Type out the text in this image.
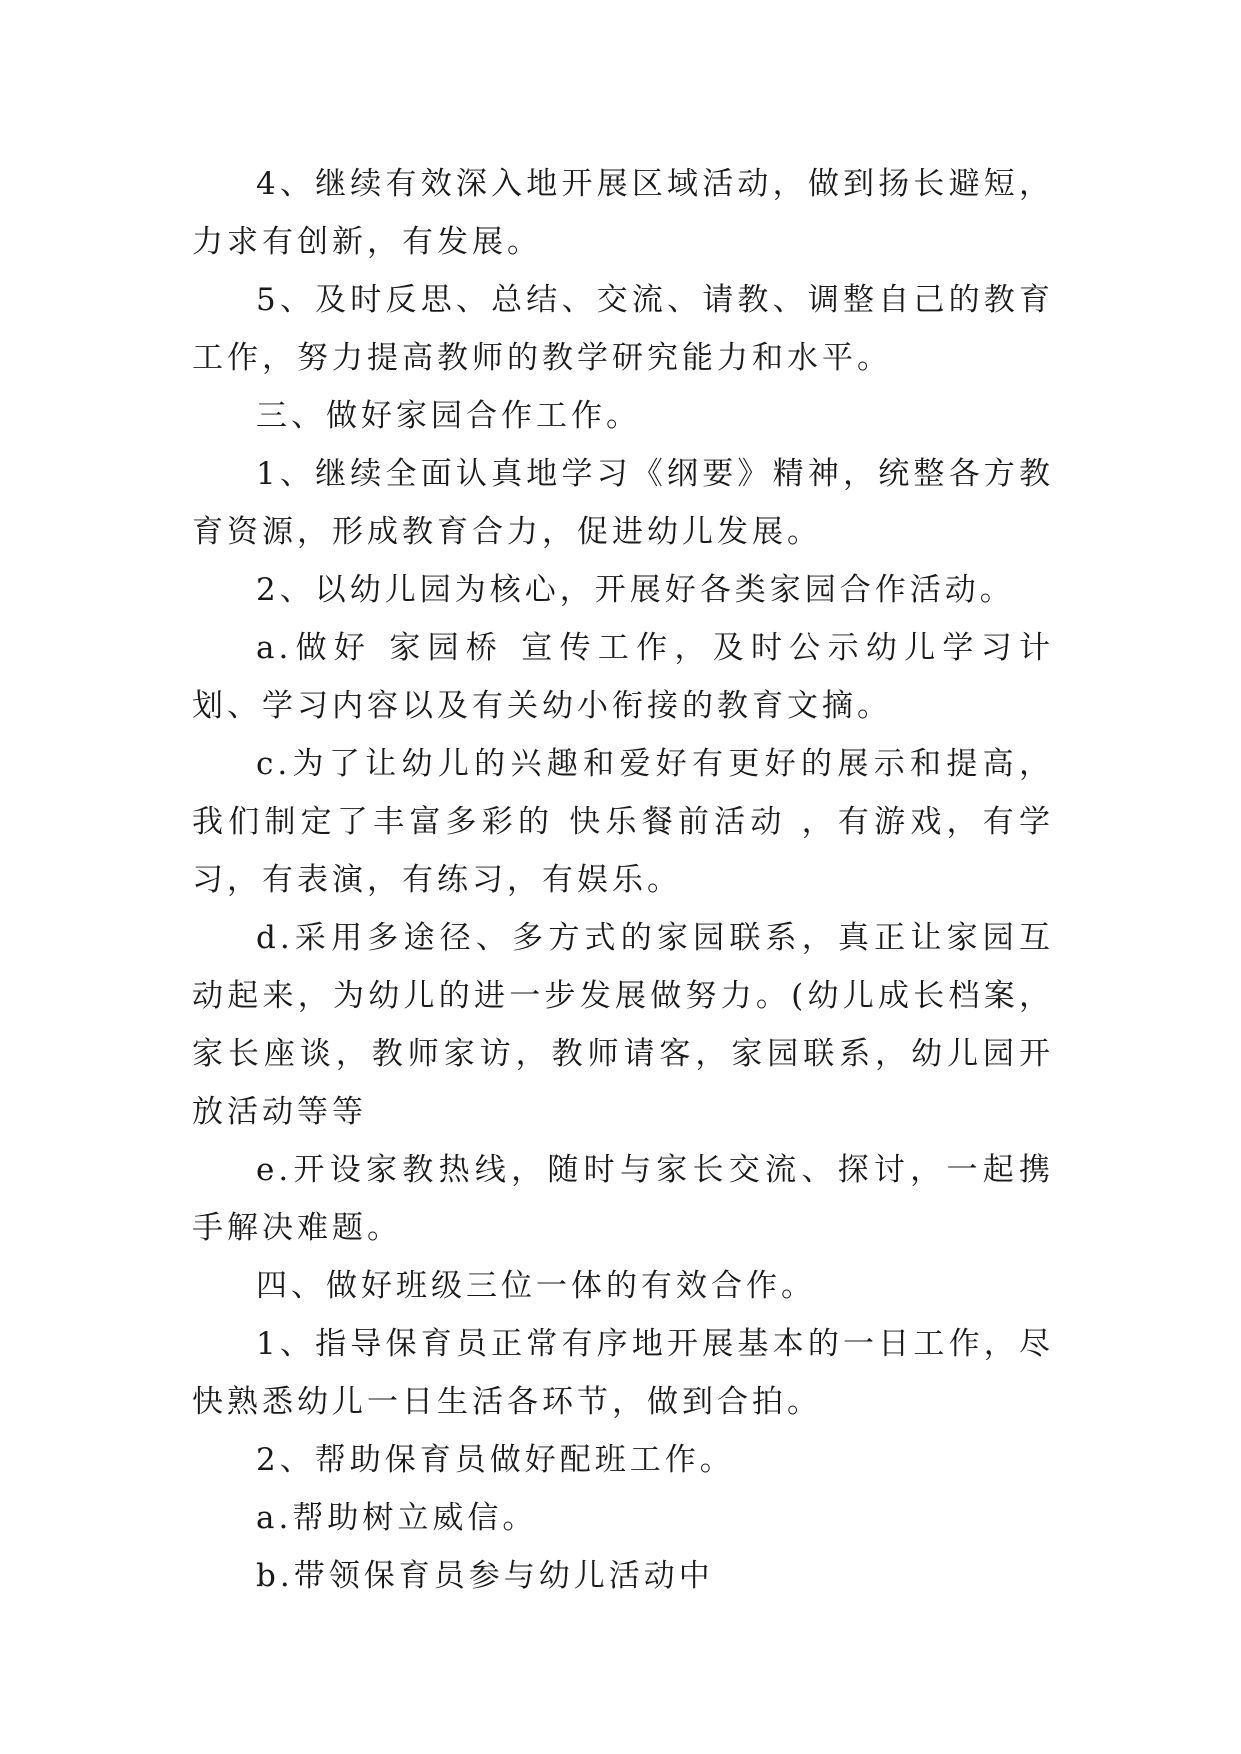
4、继续有效深入地开展区域活动，做到扬长避短，力求有创新，有发展。

5、及时反思、总结、交流、请教、调整自己的教育工作，努力提高教师的教学研究能力和水平。

三、做好家园合作工作。

1、继续全面认真地学习《纲要》精神，统整各方教育资源，形成教育合力，促进幼儿发展。

2、以幼儿园为核心，开展好各类家园合作活动。

a.做好 家园桥 宣传工作，及时公示幼儿学习计划、学习内容以及有关幼小衔接的教育文摘。

c.为了让幼儿的兴趣和爱好有更好的展示和提高，我们制定了丰富多彩的 快乐餐前活动 ，有游戏，有学习，有表演，有练习，有娱乐。

d.采用多途径、多方式的家园联系，真正让家园互动起来，为幼儿的进一步发展做努力。(幼儿成长档案，家长座谈，教师家访，教师请客，家园联系，幼儿园开放活动等等

e.开设家教热线，随时与家长交流、探讨，一起携手解决难题。

四、做好班级三位一体的有效合作。

1、指导保育员正常有序地开展基本的一日工作，尽快熟悉幼儿一日生活各环节，做到合拍。

2、帮助保育员做好配班工作。

a.帮助树立威信。

b.带领保育员参与幼儿活动中
